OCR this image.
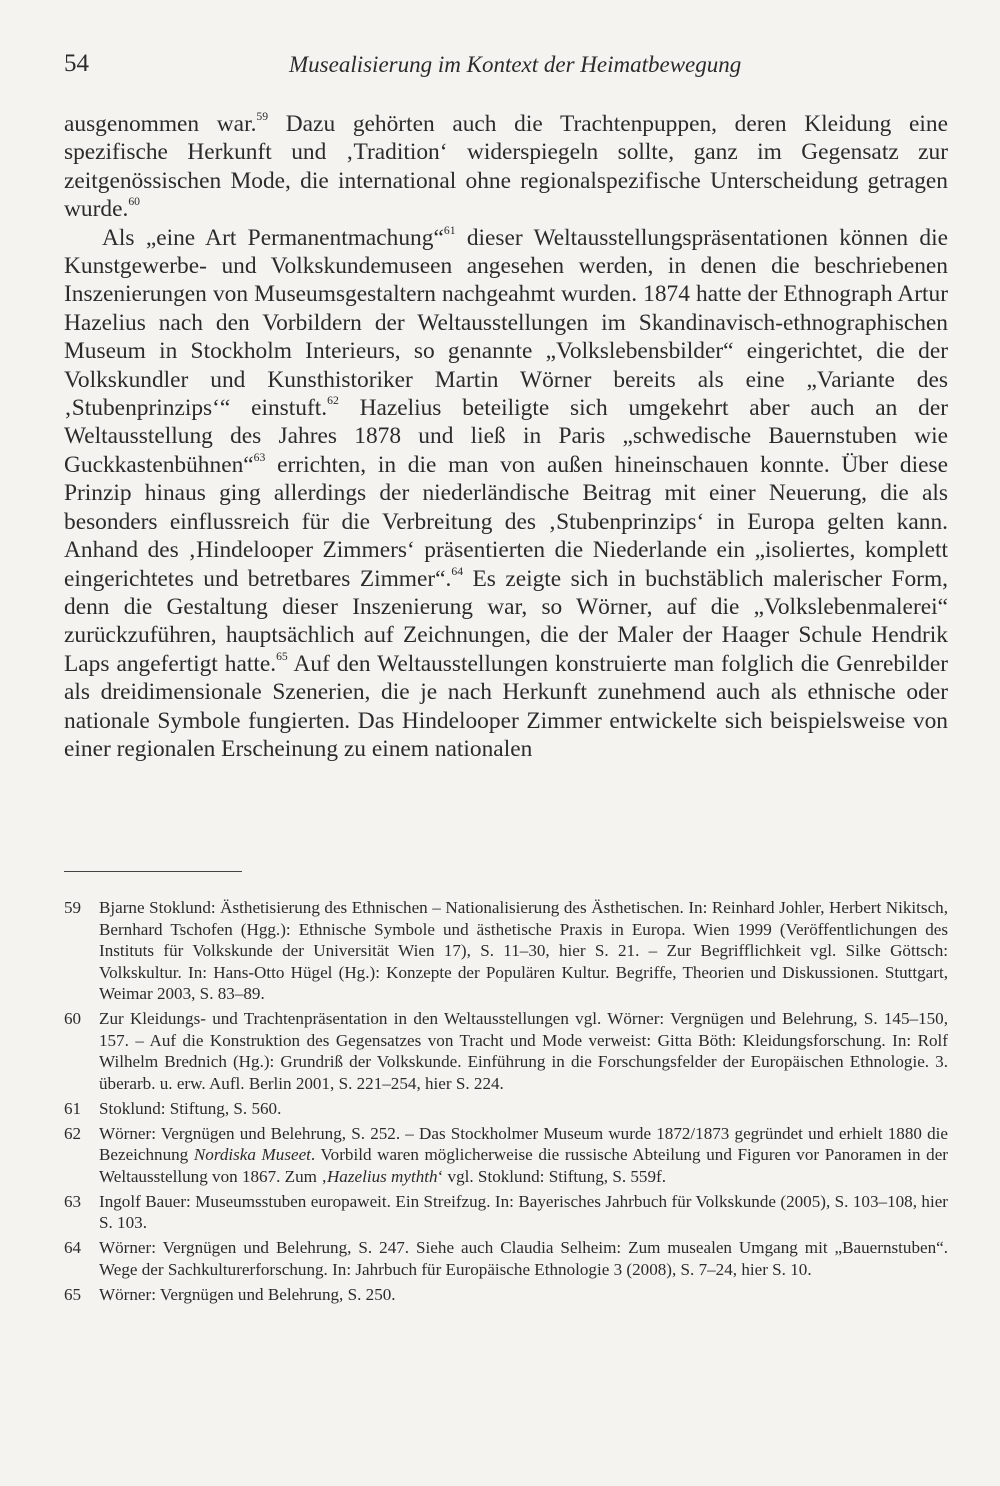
54	Musealisierung im Kontext der Heimatbewegung

ausgenommen war.$^{59}$ Dazu gehörten auch die Trachtenpuppen, deren Kleidung eine spezifische Herkunft und ‚Tradition‘ widerspiegeln sollte, ganz im Gegensatz zur zeitgenössischen Mode, die international ohne regionalspezifische Unterscheidung getragen wurde.$^{60}$

Als „eine Art Permanentmachung“$^{61}$ dieser Weltausstellungspräsentationen können die Kunstgewerbe- und Volkskundemuseen angesehen werden, in denen die beschriebenen Inszenierungen von Museumsgestaltern nachgeahmt wurden. 1874 hatte der Ethnograph Artur Hazelius nach den Vorbildern der Weltausstellungen im Skandinavisch-ethnographischen Museum in Stockholm Interieurs, so genannte „Volkslebensbilder“ eingerichtet, die der Volkskundler und Kunsthistoriker Martin Wörner bereits als eine „Variante des ‚Stubenprinzips‘“ einstuft.$^{62}$ Hazelius beteiligte sich umgekehrt aber auch an der Weltausstellung des Jahres 1878 und ließ in Paris „schwedische Bauernstuben wie Guckkastenbühnen“$^{63}$ errichten, in die man von außen hineinschauen konnte. Über diese Prinzip hinaus ging allerdings der niederländische Beitrag mit einer Neuerung, die als besonders einflussreich für die Verbreitung des ‚Stubenprinzips‘ in Europa gelten kann. Anhand des ‚Hindelooper Zimmers‘ präsentierten die Niederlande ein „isoliertes, komplett eingerichtetes und betretbares Zimmer“.$^{64}$ Es zeigte sich in buchstäblich malerischer Form, denn die Gestaltung dieser Inszenierung war, so Wörner, auf die „Volkslebenmalerei“ zurückzuführen, hauptsächlich auf Zeichnungen, die der Maler der Haager Schule Hendrik Laps angefertigt hatte.$^{65}$ Auf den Weltausstellungen konstruierte man folglich die Genrebilder als dreidimensionale Szenerien, die je nach Herkunft zunehmend auch als ethnische oder nationale Symbole fungierten. Das Hindelooper Zimmer entwickelte sich beispielsweise von einer regionalen Erscheinung zu einem nationalen

59 Bjarne Stoklund: Ästhetisierung des Ethnischen – Nationalisierung des Ästhetischen. In: Reinhard Johler, Herbert Nikitsch, Bernhard Tschofen (Hgg.): Ethnische Symbole und ästhetische Praxis in Europa. Wien 1999 (Veröffentlichungen des Instituts für Volkskunde der Universität Wien 17), S. 11–30, hier S. 21. – Zur Begrifflichkeit vgl. Silke Göttsch: Volkskultur. In: Hans-Otto Hügel (Hg.): Konzepte der Populären Kultur. Begriffe, Theorien und Diskussionen. Stuttgart, Weimar 2003, S. 83–89.
60 Zur Kleidungs- und Trachtenpräsentation in den Weltausstellungen vgl. Wörner: Vergnügen und Belehrung, S. 145–150, 157. – Auf die Konstruktion des Gegensatzes von Tracht und Mode verweist: Gitta Böth: Kleidungsforschung. In: Rolf Wilhelm Brednich (Hg.): Grundriß der Volkskunde. Einführung in die Forschungsfelder der Europäischen Ethnologie. 3. überarb. u. erw. Aufl. Berlin 2001, S. 221–254, hier S. 224.
61 Stoklund: Stiftung, S. 560.
62 Wörner: Vergnügen und Belehrung, S. 252. – Das Stockholmer Museum wurde 1872/1873 gegründet und erhielt 1880 die Bezeichnung Nordiska Museet. Vorbild waren möglicherweise die russische Abteilung und Figuren vor Panoramen in der Weltausstellung von 1867. Zum ‚Hazelius mythth‘ vgl. Stoklund: Stiftung, S. 559f.
63 Ingolf Bauer: Museumsstuben europaweit. Ein Streifzug. In: Bayerisches Jahrbuch für Volkskunde (2005), S. 103–108, hier S. 103.
64 Wörner: Vergnügen und Belehrung, S. 247. Siehe auch Claudia Selheim: Zum musealen Umgang mit „Bauernstuben“. Wege der Sachkulturerforschung. In: Jahrbuch für Europäische Ethnologie 3 (2008), S. 7–24, hier S. 10.
65 Wörner: Vergnügen und Belehrung, S. 250.
